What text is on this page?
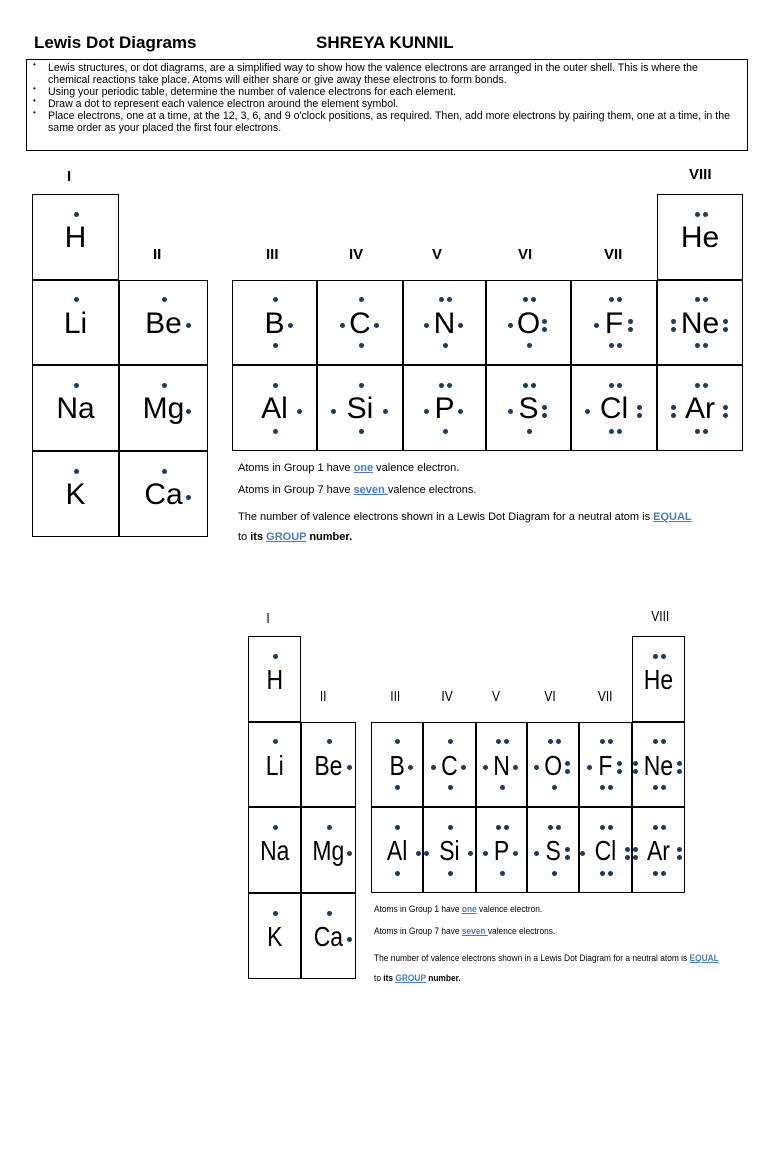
Lewis Dot Diagrams	SHREYA KUNNIL
• Lewis structures, or dot diagrams, are a simplified way to show how the valence electrons are arranged in the outer shell. This is where the chemical reactions take place. Atoms will either share or give away these electrons to form bonds.
• Using your periodic table, determine the number of valence electrons for each element.
• Draw a dot to represent each valence electron around the element symbol.
• Place electrons, one at a time, at the 12, 3, 6, and 9 o'clock positions, as required. Then, add more electrons by pairing them, one at a time, in the same order as your placed the first four electrons.
I
II	III	IV	V	VI	VII
VIII
H	He
Li	Be	B	C	N	O	F	Ne
Na	Mg	Al	Si	P	S	Cl	Ar
K	Ca
Atoms in Group 1 have one valence electron.
Atoms in Group 7 have seven valence electrons.
The number of valence electrons shown in a Lewis Dot Diagram for a neutral atom is EQUAL
to its GROUP number.
I
II	III	IV	V	VI	VII
VIII
H	He
Li	Be	B	C	N	O	F	Ne
Na Mg	Al	Si	P	S	Cl	Ar
K	Ca
Atoms in Group 1 have one valence electron.
Atoms in Group 7 have seven valence electrons.
The number of valence electrons shown in a Lewis Dot Diagram for a neutral atom is EQUAL
to its GROUP number.
